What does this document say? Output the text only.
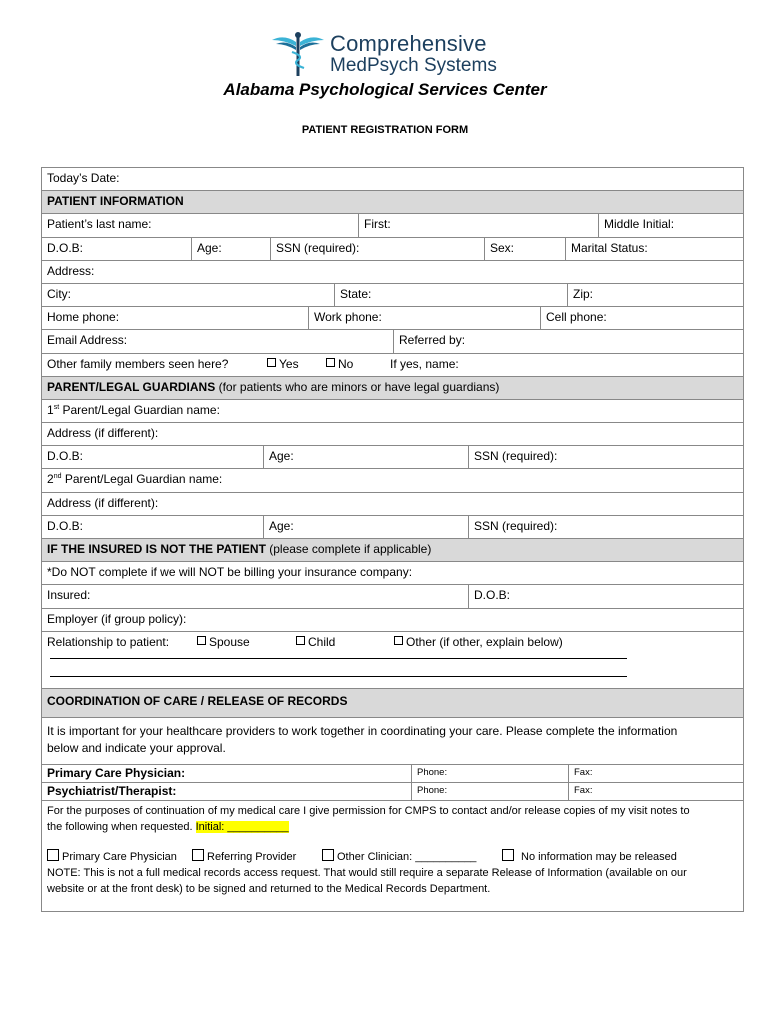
Comprehensive
MedPsych Systems
Alabama Psychological Services Center
PATIENT REGISTRATION FORM
Today’s Date:
PATIENT INFORMATION
Patient’s last name:	First:	Middle Initial:
D.O.B:	Age:	SSN (required):	Sex:	Marital Status:
Address:
City:	State:	Zip:
Home phone:	Work phone:	Cell phone:
Email Address:	Referred by:
Other family members seen here?	Yes	No	If yes, name:
PARENT/LEGAL GUARDIANS (for patients who are minors or have legal guardians)
1st Parent/Legal Guardian name:
Address (if different):
D.O.B:	Age:	SSN (required):
2nd Parent/Legal Guardian name:
Address (if different):
D.O.B:	Age:	SSN (required):
IF THE INSURED IS NOT THE PATIENT (please complete if applicable)
*Do NOT complete if we will NOT be billing your insurance company:
Insured:	D.O.B:
Employer (if group policy):
Relationship to patient:	Spouse	Child	Other (if other, explain below)
COORDINATION OF CARE / RELEASE OF RECORDS
It is important for your healthcare providers to work together in coordinating your care. Please complete the information
below and indicate your approval.
Primary Care Physician:	Phone:	Fax:
Psychiatrist/Therapist:	Phone:	Fax:
For the purposes of continuation of my medical care I give permission for CMPS to contact and/or release copies of my visit notes to
the following when requested. Initial: __________
Primary Care Physician	Referring Provider	Other Clinician: __________	No information may be released
NOTE: This is not a full medical records access request. That would still require a separate Release of Information (available on our
website or at the front desk) to be signed and returned to the Medical Records Department.
